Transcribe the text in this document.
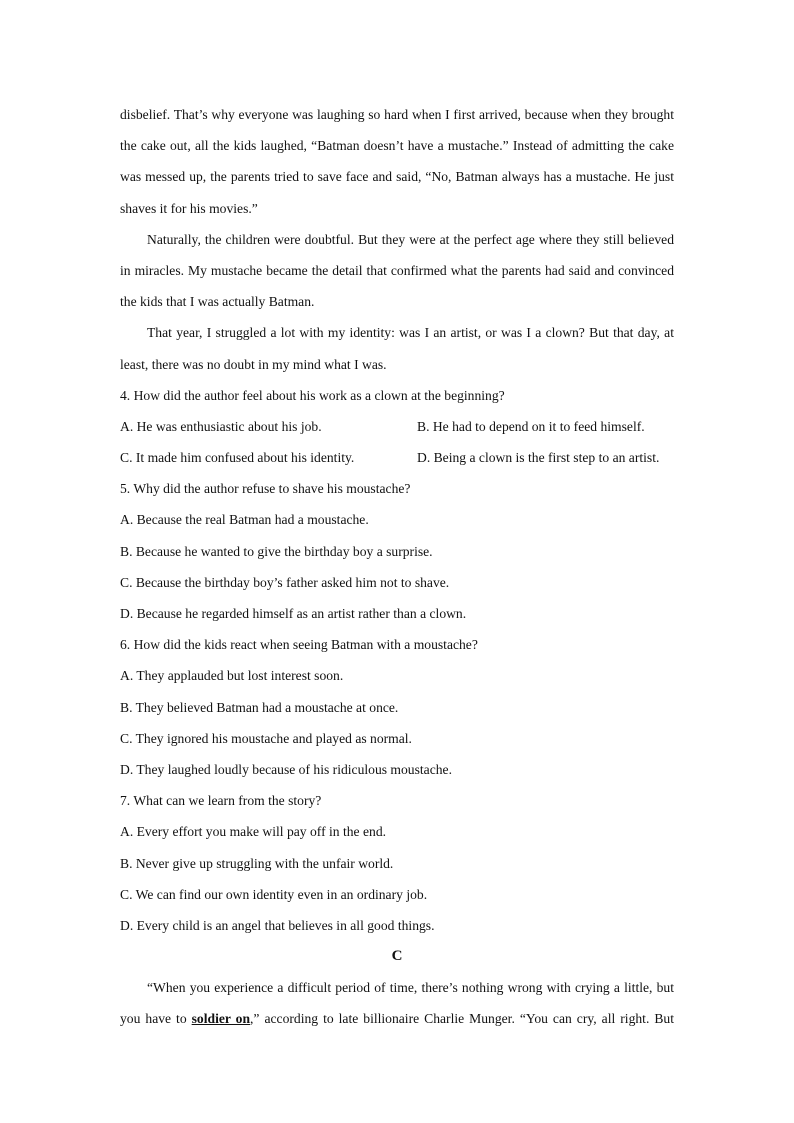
disbelief. That’s why everyone was laughing so hard when I first arrived, because when they brought
the cake out, all the kids laughed, “Batman doesn’t have a mustache.” Instead of admitting the cake
was messed up, the parents tried to save face and said, “No, Batman always has a mustache. He just
shaves it for his movies.”
Naturally, the children were doubtful. But they were at the perfect age where they still believed
in miracles. My mustache became the detail that confirmed what the parents had said and convinced
the kids that I was actually Batman.
That year, I struggled a lot with my identity: was I an artist, or was I a clown? But that day, at
least, there was no doubt in my mind what I was.
4. How did the author feel about his work as a clown at the beginning?
A. He was enthusiastic about his job.	B. He had to depend on it to feed himself.
C. It made him confused about his identity.	D. Being a clown is the first step to an artist.
5. Why did the author refuse to shave his moustache?
A. Because the real Batman had a moustache.
B. Because he wanted to give the birthday boy a surprise.
C. Because the birthday boy’s father asked him not to shave.
D. Because he regarded himself as an artist rather than a clown.
6. How did the kids react when seeing Batman with a moustache?
A. They applauded but lost interest soon.
B. They believed Batman had a moustache at once.
C. They ignored his moustache and played as normal.
D. They laughed loudly because of his ridiculous moustache.
7. What can we learn from the story?
A. Every effort you make will pay off in the end.
B. Never give up struggling with the unfair world.
C. We can find our own identity even in an ordinary job.
D. Every child is an angel that believes in all good things.
C
“When you experience a difficult period of time, there’s nothing wrong with crying a little, but
you have to soldier on,” according to late billionaire Charlie Munger. “You can cry, all right. But
